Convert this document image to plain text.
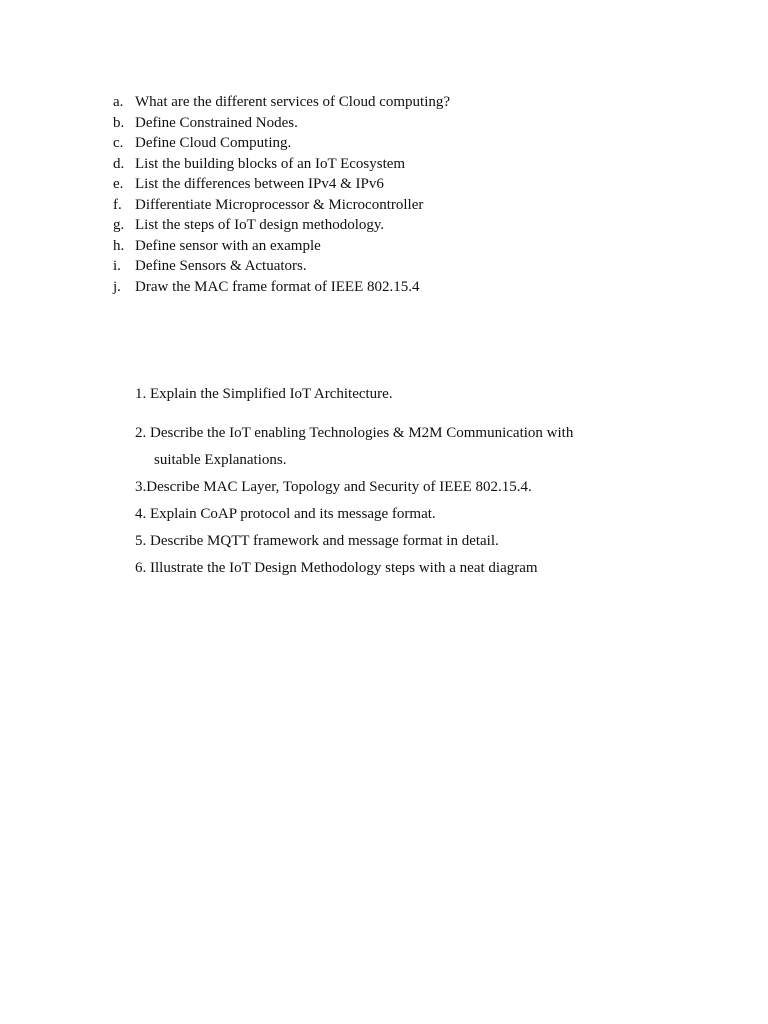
a. What are the different services of Cloud computing?
b. Define Constrained Nodes.
c. Define Cloud Computing.
d. List the building blocks of an IoT Ecosystem
e. List the differences between IPv4 & IPv6
f. Differentiate Microprocessor & Microcontroller
g. List the steps of IoT design methodology.
h. Define sensor with an example
i. Define Sensors & Actuators.
j. Draw the MAC frame format of IEEE 802.15.4
1. Explain the Simplified IoT Architecture.
2. Describe the IoT enabling Technologies & M2M Communication with
suitable Explanations.
3.Describe MAC Layer, Topology and Security of IEEE 802.15.4.
4. Explain CoAP protocol and its message format.
5. Describe MQTT framework and message format in detail.
6. Illustrate the IoT Design Methodology steps with a neat diagram
